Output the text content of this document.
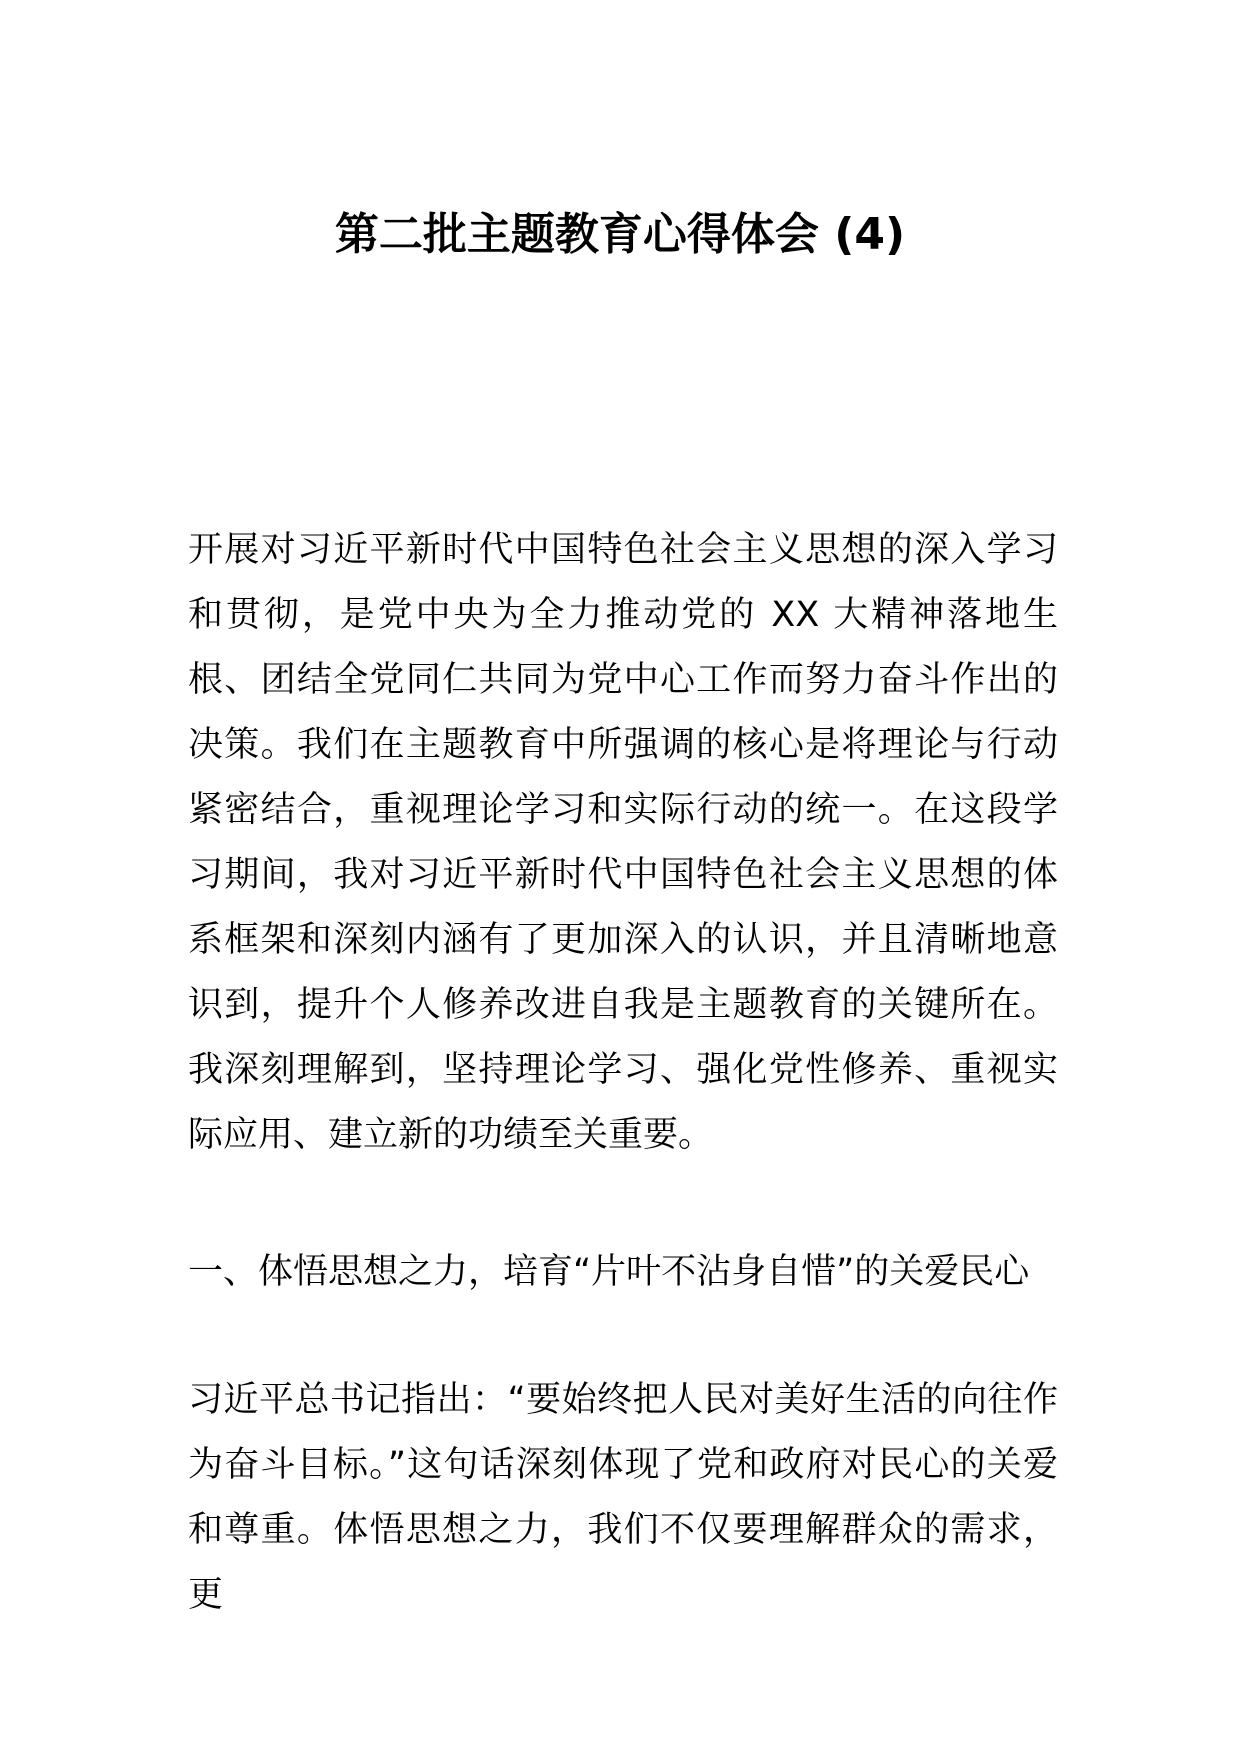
第二批主题教育心得体会 (4)

开展对习近平新时代中国特色社会主义思想的深入学习和贯彻，是党中央为全力推动党的 XX 大精神落地生根、团结全党同仁共同为党中心工作而努力奋斗作出的决策。我们在主题教育中所强调的核心是将理论与行动紧密结合，重视理论学习和实际行动的统一。在这段学习期间，我对习近平新时代中国特色社会主义思想的体系框架和深刻内涵有了更加深入的认识，并且清晰地意识到，提升个人修养改进自我是主题教育的关键所在。我深刻理解到，坚持理论学习、强化党性修养、重视实际应用、建立新的功绩至关重要。

一、体悟思想之力，培育“片叶不沾身自惜”的关爱民心

习近平总书记指出：“要始终把人民对美好生活的向往作为奋斗目标。”这句话深刻体现了党和政府对民心的关爱和尊重。体悟思想之力，我们不仅要理解群众的需求，更
